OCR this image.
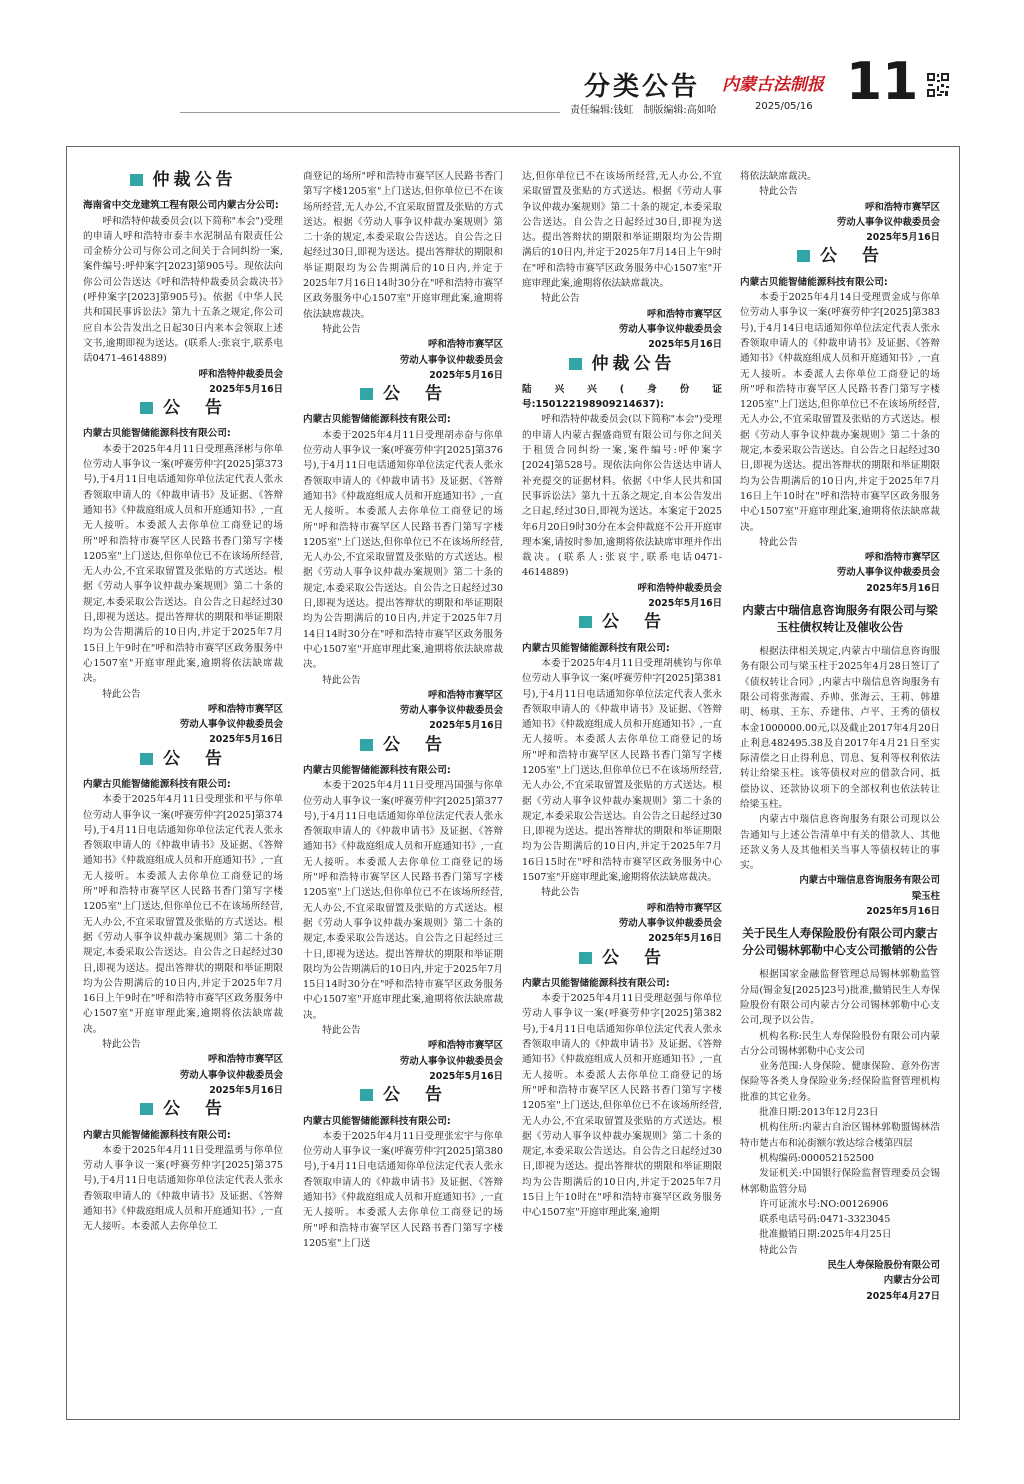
分类公告 内蒙古法制报 11
责任编辑:钱虹　制版编辑:高如哈	2025/05/16
仲裁公告
海南省中交龙建筑工程有限公司内蒙古分公司:
呼和浩特仲裁委员会(以下简称"本会")受理的申请人呼和浩特市泰丰水泥制品有限责任公司金桥分公司与你公司之间关于合同纠纷一案,案件编号:呼仲案字[2023]第905号。现依法向你公司公告送达《呼和浩特仲裁委员会裁决书》(呼仲案字[2023]第905号)。依据《中华人民共和国民事诉讼法》第九十五条之规定,你公司应自本公告发出之日起30日内来本会领取上述文书,逾期即视为送达。(联系人:张哀宇,联系电话0471-4614889)
呼和浩特仲裁委员会
2025年5月16日
公　告
内蒙古贝能智储能源科技有限公司:
本委于2025年4月11日受理燕泽彬与你单位劳动人事争议一案(呼赛劳仲字[2025]第373号),于4月11日电话通知你单位法定代表人张永香领取申请人的《仲裁申请书》及证据、《答辩通知书》《仲裁庭组成人员和开庭通知书》,一直无人接听。本委派人去你单位工商登记的场所"呼和浩特市赛罕区人民路书香门第写字楼1205室"上门送达,但你单位已不在该场所经营,无人办公,不宜采取留置及张贴的方式送达。根据《劳动人事争议仲裁办案规则》第二十条的规定,本委采取公告送达。自公告之日起经过30日,即视为送达。提出答辩状的期限和举证期限均为公告期满后的10日内,并定于2025年7月15日上午9时在"呼和浩特市赛罕区政务服务中心1507室"开庭审理此案,逾期将依法缺席裁决。
特此公告
呼和浩特市赛罕区
劳动人事争议仲裁委员会
2025年5月16日
公　告
内蒙古贝能智储能源科技有限公司:
本委于2025年4月11日受理张和平与你单位劳动人事争议一案(呼赛劳仲字[2025]第374号),于4月11日电话通知你单位法定代表人张永香领取申请人的《仲裁申请书》及证据、《答辩通知书》《仲裁庭组成人员和开庭通知书》,一直无人接听。本委派人去你单位工商登记的场所"呼和浩特市赛罕区人民路书香门第写字楼1205室"上门送达,但你单位已不在该场所经营,无人办公,不宜采取留置及张贴的方式送达。根据《劳动人事争议仲裁办案规则》第二十条的规定,本委采取公告送达。自公告之日起经过30日,即视为送达。提出答辩状的期限和举证期限均为公告期满后的10日内,并定于2025年7月16日上午9时在"呼和浩特市赛罕区政务服务中心1507室"开庭审理此案,逾期将依法缺席裁决。
特此公告
呼和浩特市赛罕区
劳动人事争议仲裁委员会
2025年5月16日
公　告
内蒙古贝能智储能源科技有限公司:
本委于2025年4月11日受理温勇与你单位劳动人事争议一案(呼赛劳仲字[2025]第375号),于4月11日电话通知你单位法定代表人张永香领取申请人的《仲裁申请书》及证据、《答辩通知书》《仲裁庭组成人员和开庭通知书》,一直无人接听。本委派人去你单位工
商登记的场所"呼和浩特市赛罕区人民路书香门第写字楼1205室"上门送达,但你单位已不在该场所经营,无人办公,不宜采取留置及张贴的方式送达。根据《劳动人事争议仲裁办案规则》第二十条的规定,本委采取公告送达。自公告之日起经过30日,即视为送达。提出答辩状的期限和举证期限均为公告期满后的10日内,并定于2025年7月16日14时30分在"呼和浩特市赛罕区政务服务中心1507室"开庭审理此案,逾期将依法缺席裁决。
特此公告
呼和浩特市赛罕区
劳动人事争议仲裁委员会
2025年5月16日
公　告
内蒙古贝能智储能源科技有限公司:
本委于2025年4月11日受理胡赤奋与你单位劳动人事争议一案(呼赛劳仲字[2025]第376号),于4月11日电话通知你单位法定代表人张永香领取申请人的《仲裁申请书》及证据、《答辩通知书》《仲裁庭组成人员和开庭通知书》,一直无人接听。本委派人去你单位工商登记的场所"呼和浩特市赛罕区人民路书香门第写字楼1205室"上门送达,但你单位已不在该场所经营,无人办公,不宜采取留置及张贴的方式送达。根据《劳动人事争议仲裁办案规则》第二十条的规定,本委采取公告送达。自公告之日起经过30日,即视为送达。提出答辩状的期限和举证期限均为公告期满后的10日内,并定于2025年7月14日14时30分在"呼和浩特市赛罕区政务服务中心1507室"开庭审理此案,逾期将依法缺席裁决。
特此公告
呼和浩特市赛罕区
劳动人事争议仲裁委员会
2025年5月16日
公　告
内蒙古贝能智储能源科技有限公司:
本委于2025年4月11日受理冯国强与你单位劳动人事争议一案(呼赛劳仲字[2025]第377号),于4月11日电话通知你单位法定代表人张永香领取申请人的《仲裁申请书》及证据、《答辩通知书》《仲裁庭组成人员和开庭通知书》,一直无人接听。本委派人去你单位工商登记的场所"呼和浩特市赛罕区人民路书香门第写字楼1205室"上门送达,但你单位已不在该场所经营,无人办公,不宜采取留置及张贴的方式送达。根据《劳动人事争议仲裁办案规则》第二十条的规定,本委采取公告送达。自公告之日起经过三十日,即视为送达。提出答辩状的期限和举证期限均为公告期满后的10日内,并定于2025年7月15日14时30分在"呼和浩特市赛罕区政务服务中心1507室"开庭审理此案,逾期将依法缺席裁决。
特此公告
呼和浩特市赛罕区
劳动人事争议仲裁委员会
2025年5月16日
公　告
内蒙古贝能智储能源科技有限公司:
本委于2025年4月11日受理张宏宇与你单位劳动人事争议一案(呼赛劳仲字[2025]第380号),于4月11日电话通知你单位法定代表人张永香领取申请人的《仲裁申请书》及证据、《答辩通知书》《仲裁庭组成人员和开庭通知书》,一直无人接听。本委派人去你单位工商登记的场所"呼和浩特市赛罕区人民路书香门第写字楼1205室"上门送
达,但你单位已不在该场所经营,无人办公,不宜采取留置及张贴的方式送达。根据《劳动人事争议仲裁办案规则》第二十条的规定,本委采取公告送达。自公告之日起经过30日,即视为送达。提出答辩状的期限和举证期限均为公告期满后的10日内,并定于2025年7月14日上午9时在"呼和浩特市赛罕区政务服务中心1507室"开庭审理此案,逾期将依法缺席裁决。
特此公告
呼和浩特市赛罕区
劳动人事争议仲裁委员会
2025年5月16日
仲裁公告
陆兴兴(身份证号:150122198909214637):
呼和浩特仲裁委员会(以下简称"本会")受理的申请人内蒙古握盛商贸有限公司与你之间关于租赁合同纠纷一案,案件编号:呼仲案字[2024]第528号。现依法向你公告送达申请人补充提交的证据材料。依据《中华人民共和国民事诉讼法》第九十五条之规定,自本公告发出之日起,经过30日,即视为送达。本案定于2025年6月20日9时30分在本会仲裁庭不公开开庭审理本案,请按时参加,逾期将依法缺席审理并作出裁决。(联系人:张哀宇,联系电话0471-4614889)
呼和浩特仲裁委员会
2025年5月16日
公　告
内蒙古贝能智储能源科技有限公司:
本委于2025年4月11日受理胡桃钧与你单位劳动人事争议一案(呼赛劳仲字[2025]第381号),于4月11日电话通知你单位法定代表人张永香领取申请人的《仲裁申请书》及证据、《答辩通知书》《仲裁庭组成人员和开庭通知书》,一直无人接听。本委派人去你单位工商登记的场所"呼和浩特市赛罕区人民路书香门第写字楼1205室"上门送达,但你单位已不在该场所经营,无人办公,不宜采取留置及张贴的方式送达。根据《劳动人事争议仲裁办案规则》第二十条的规定,本委采取公告送达。自公告之日起经过30日,即视为送达。提出答辩状的期限和举证期限均为公告期满后的10日内,并定于2025年7月16日15时在"呼和浩特市赛罕区政务服务中心1507室"开庭审理此案,逾期将依法缺席裁决。
特此公告
呼和浩特市赛罕区
劳动人事争议仲裁委员会
2025年5月16日
公　告
内蒙古贝能智储能源科技有限公司:
本委于2025年4月11日受理赵强与你单位劳动人事争议一案(呼赛劳仲字[2025]第382号),于4月11日电话通知你单位法定代表人张永香领取申请人的《仲裁申请书》及证据、《答辩通知书》《仲裁庭组成人员和开庭通知书》,一直无人接听。本委派人去你单位工商登记的场所"呼和浩特市赛罕区人民路书香门第写字楼1205室"上门送达,但你单位已不在该场所经营,无人办公,不宜采取留置及张贴的方式送达。根据《劳动人事争议仲裁办案规则》第二十条的规定,本委采取公告送达。自公告之日起经过30日,即视为送达。提出答辩状的期限和举证期限均为公告期满后的10日内,并定于2025年7月15日上午10时在"呼和浩特市赛罕区政务服务中心1507室"开庭审理此案,逾期
将依法缺席裁决。
特此公告
呼和浩特市赛罕区
劳动人事争议仲裁委员会
2025年5月16日
公　告
内蒙古贝能智储能源科技有限公司:
本委于2025年4月14日受理贾金成与你单位劳动人事争议一案(呼赛劳仲字[2025]第383号),于4月14日电话通知你单位法定代表人张永香领取申请人的《仲裁申请书》及证据、《答辩通知书》《仲裁庭组成人员和开庭通知书》,一直无人接听。本委派人去你单位工商登记的场所"呼和浩特市赛罕区人民路书香门第写字楼1205室"上门送达,但你单位已不在该场所经营,无人办公,不宜采取留置及张贴的方式送达。根据《劳动人事争议仲裁办案规则》第二十条的规定,本委采取公告送达。自公告之日起经过30日,即视为送达。提出答辩状的期限和举证期限均为公告期满后的10日内,并定于2025年7月16日上午10时在"呼和浩特市赛罕区政务服务中心1507室"开庭审理此案,逾期将依法缺席裁决。
特此公告
呼和浩特市赛罕区
劳动人事争议仲裁委员会
2025年5月16日
内蒙古中瑞信息咨询服务有限公司与梁玉柱债权转让及催收公告
根据法律相关规定,内蒙古中瑞信息咨询服务有限公司与梁玉柱于2025年4月28日签订了《债权转让合同》,内蒙古中瑞信息咨询服务有限公司将张海霞、乔帅、张海云、王莉、韩雄明、杨琪、王东、乔建伟、卢平、王秀的债权本金1000000.00元,以及截止2017年4月20日止利息482495.38及自2017年4月21日至实际清偿之日止得利息、罚息、复利等权利依法转让给梁玉柱。该等债权对应的借款合同、抵偿协议、还款协议项下的全部权利也依法转让给梁玉柱。
内蒙古中瑞信息咨询服务有限公司现以公告通知与上述公告清单中有关的借款人、其他还款义务人及其他相关当事人等债权转让的事实。
内蒙古中瑞信息咨询服务有限公司
梁玉柱
2025年5月16日
关于民生人寿保险股份有限公司内蒙古分公司锡林郭勒中心支公司撤销的公告
根据国家金融监督管理总局锡林郭勒监管分局(锡金复[2025]23号)批准,撤销民生人寿保险股份有限公司内蒙古分公司锡林郭勒中心支公司,现予以公告。
机构名称:民生人寿保险股份有限公司内蒙古分公司锡林郭勒中心支公司
业务范围:人身保险、健康保险、意外伤害保险等各类人身保险业务;经保险监督管理机构批准的其它业务。
批准日期:2013年12月23日
机构住所:内蒙古自治区锡林郭勒盟锡林浩特市楚古布和沁街额尔敦达综合楼第四层
机构编码:000052152500
发证机关:中国银行保险监督管理委员会锡林郭勒监管分局
许可证流水号:NO:00126906
联系电话号码:0471-3323045
批准撤销日期:2025年4月25日
特此公告
民生人寿保险股份有限公司
内蒙古分公司
2025年4月27日
